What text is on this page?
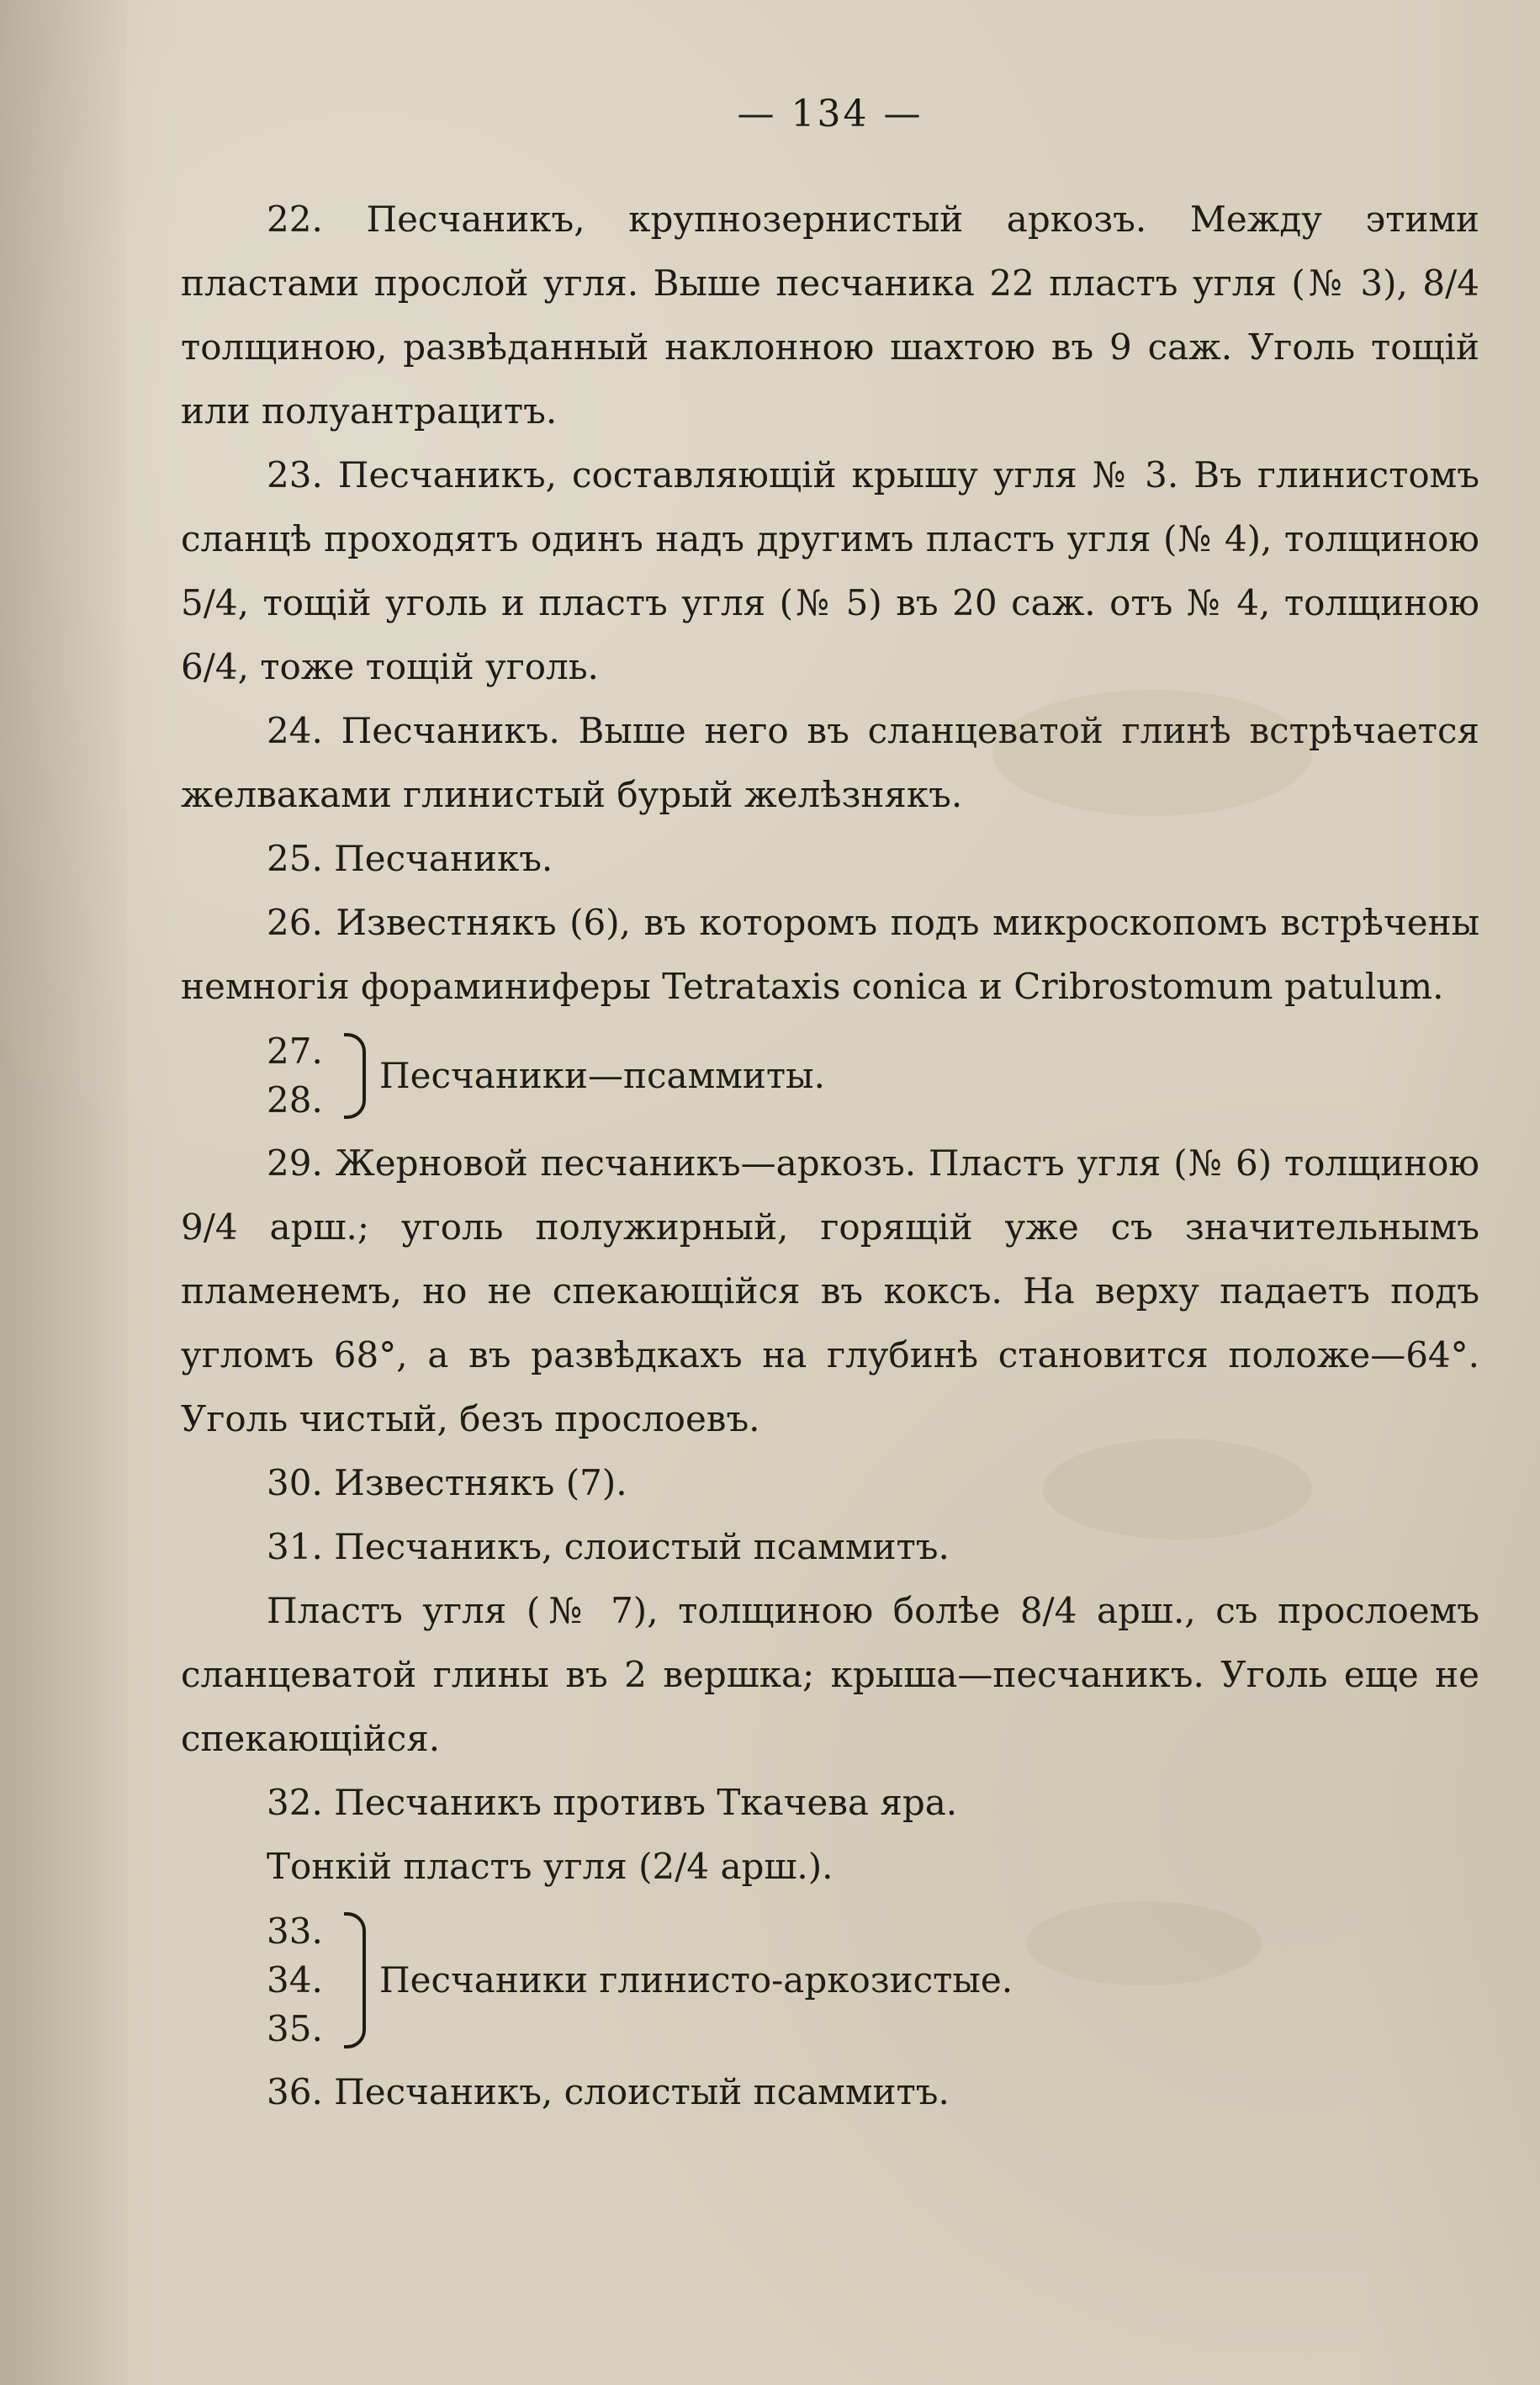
— 134 —

22. Песчаникъ, крупнозернистый аркозъ. Между этими пластами прослой угля. Выше песчаника 22 пластъ угля (№ 3), 8/4 толщиною, развѣданный наклонною шахтою въ 9 саж. Уголь тощій или полуантрацитъ.

23. Песчаникъ, составляющій крышу угля № 3. Въ глинистомъ сланцѣ проходятъ одинъ надъ другимъ пластъ угля (№ 4), толщиною 5/4, тощій уголь и пластъ угля (№ 5) въ 20 саж. отъ № 4, толщиною 6/4, тоже тощій уголь.

24. Песчаникъ. Выше него въ сланцеватой глинѣ встрѣчается желваками глинистый бурый желѣзнякъ.

25. Песчаникъ.

26. Известнякъ (6), въ которомъ подъ микроскопомъ встрѣчены немногія фораминиферы Tetrataxis conica и Cribrostomum patulum.

27.
28.
Песчаники—псаммиты.

29. Жерновой песчаникъ—аркозъ. Пластъ угля (№ 6) толщиною 9/4 арш.; уголь полужирный, горящій уже съ значительнымъ пламенемъ, но не спекающійся въ коксъ. На верху падаетъ подъ угломъ 68°, а въ развѣдкахъ на глубинѣ становится положе—64°. Уголь чистый, безъ прослоевъ.

30. Известнякъ (7).

31. Песчаникъ, слоистый псаммитъ.

Пластъ угля (№ 7), толщиною болѣе 8/4 арш., съ прослоемъ сланцеватой глины въ 2 вершка; крыша—песчаникъ. Уголь еще не спекающійся.

32. Песчаникъ противъ Ткачева яра.

Тонкій пластъ угля (2/4 арш.).

33.
34.
35.
Песчаники глинисто-аркозистые.

36. Песчаникъ, слоистый псаммитъ.
